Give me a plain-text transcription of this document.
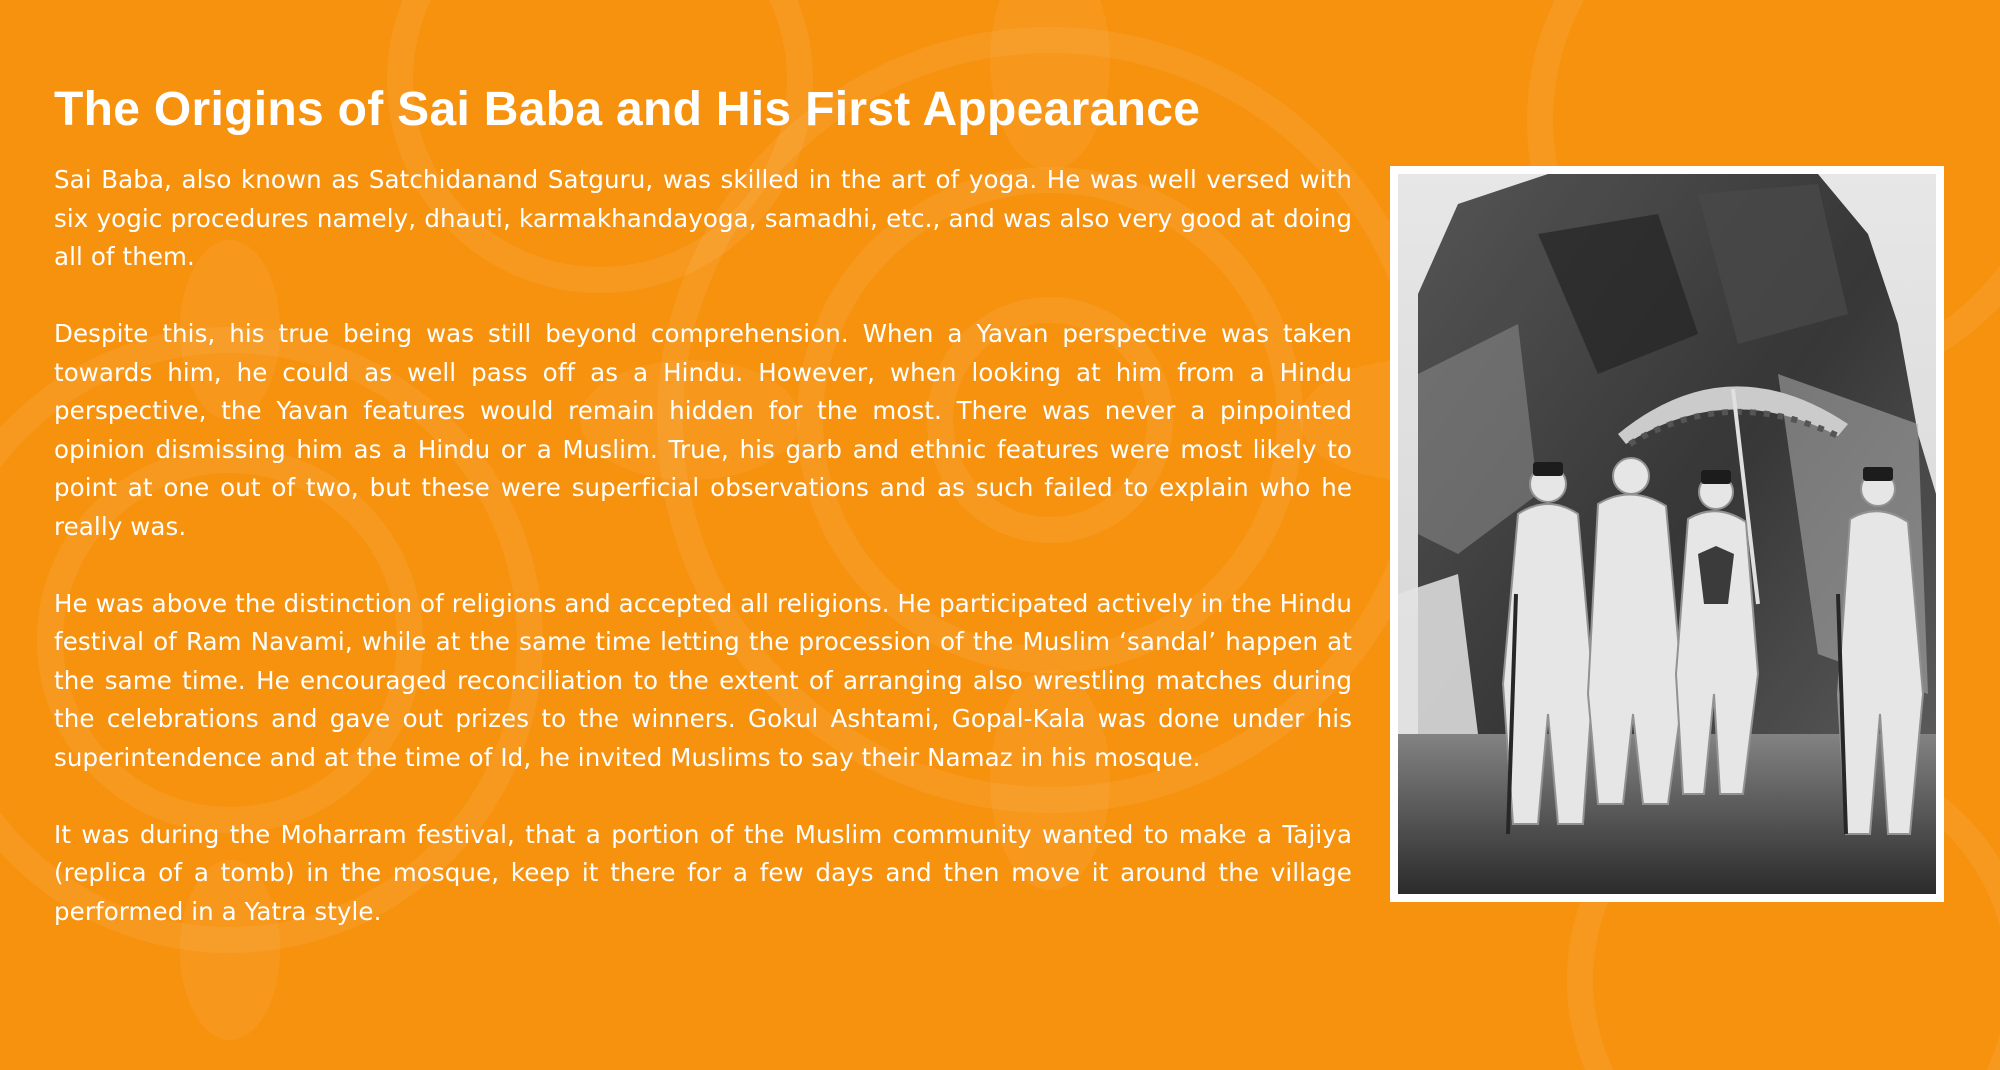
The Origins of Sai Baba and His First Appearance

Sai Baba, also known as Satchidanand Satguru, was skilled in the art of yoga. He was well versed with six yogic procedures namely, dhauti, karmakhandayoga, samadhi, etc., and was also very good at doing all of them.

Despite this, his true being was still beyond comprehension. When a Yavan perspective was taken towards him, he could as well pass off as a Hindu. However, when looking at him from a Hindu perspective, the Yavan features would remain hidden for the most. There was never a pinpointed opinion dismissing him as a Hindu or a Muslim. True, his garb and ethnic features were most likely to point at one out of two, but these were superficial observations and as such failed to explain who he really was.

He was above the distinction of religions and accepted all religions. He participated actively in the Hindu festival of Ram Navami, while at the same time letting the procession of the Muslim ‘sandal’ happen at the same time. He encouraged reconciliation to the extent of arranging also wrestling matches during the celebrations and gave out prizes to the winners. Gokul Ashtami, Gopal-Kala was done under his superintendence and at the time of Id, he invited Muslims to say their Namaz in his mosque.

It was during the Moharram festival, that a portion of the Muslim community wanted to make a Tajiya (replica of a tomb) in the mosque, keep it there for a few days and then move it around the village performed in a Yatra style.
